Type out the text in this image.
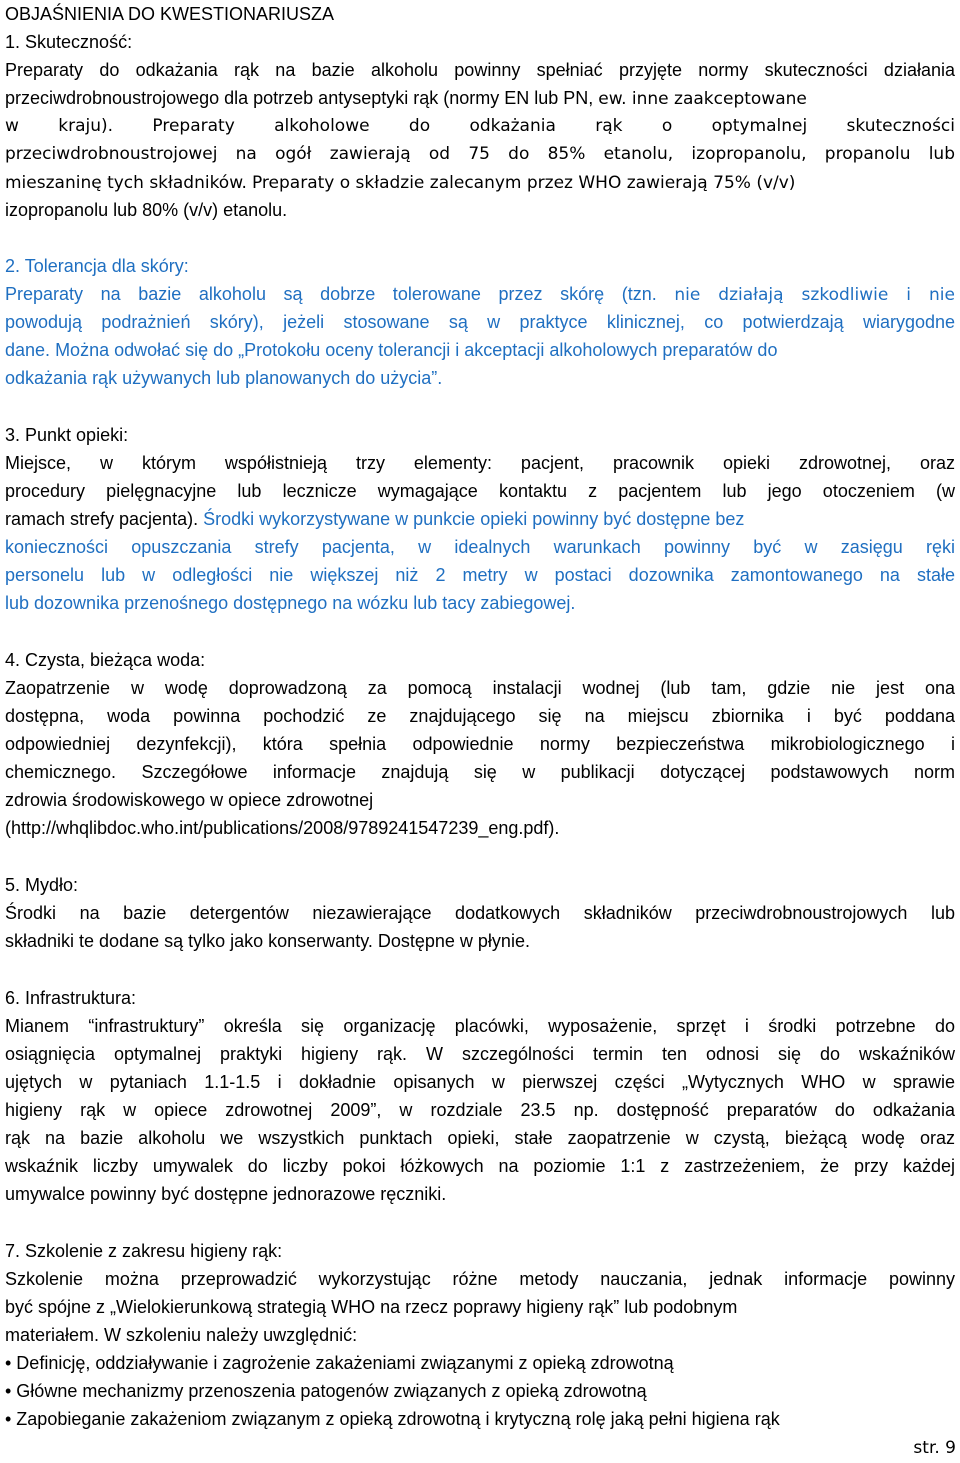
OBJAŚNIENIA DO KWESTIONARIUSZA
1. Skuteczność:
Preparaty do odkażania rąk na bazie alkoholu powinny spełniać przyjęte normy skuteczności działania
przeciwdrobnoustrojowego dla potrzeb antyseptyki rąk (normy EN lub PN, ew. inne zaakceptowane
w kraju). Preparaty alkoholowe do odkażania rąk o optymalnej skuteczności
przeciwdrobnoustrojowej na ogół zawierają od 75 do 85% etanolu, izopropanolu, propanolu lub
mieszaninę tych składników. Preparaty o składzie zalecanym przez WHO zawierają 75% (v/v)
izopropanolu lub 80% (v/v) etanolu.
2. Tolerancja dla skóry:
Preparaty na bazie alkoholu są dobrze tolerowane przez skórę (tzn. nie działają szkodliwie i nie
powodują podrażnień skóry), jeżeli stosowane są w praktyce klinicznej, co potwierdzają wiarygodne
dane. Można odwołać się do „Protokołu oceny tolerancji i akceptacji alkoholowych preparatów do
odkażania rąk używanych lub planowanych do użycia”.
3. Punkt opieki:
Miejsce, w którym współistnieją trzy elementy: pacjent, pracownik opieki zdrowotnej, oraz
procedury pielęgnacyjne lub lecznicze wymagające kontaktu z pacjentem lub jego otoczeniem (w
ramach strefy pacjenta). Środki wykorzystywane w punkcie opieki powinny być dostępne bez
konieczności opuszczania strefy pacjenta, w idealnych warunkach powinny być w zasięgu ręki
personelu lub w odległości nie większej niż 2 metry w postaci dozownika zamontowanego na stałe
lub dozownika przenośnego dostępnego na wózku lub tacy zabiegowej.
4. Czysta, bieżąca woda:
Zaopatrzenie w wodę doprowadzoną za pomocą instalacji wodnej (lub tam, gdzie nie jest ona
dostępna, woda powinna pochodzić ze znajdującego się na miejscu zbiornika i być poddana
odpowiedniej dezynfekcji), która spełnia odpowiednie normy bezpieczeństwa mikrobiologicznego i
chemicznego. Szczegółowe informacje znajdują się w publikacji dotyczącej podstawowych norm
zdrowia środowiskowego w opiece zdrowotnej
(http://whqlibdoc.who.int/publications/2008/9789241547239_eng.pdf).
5. Mydło:
Środki na bazie detergentów niezawierające dodatkowych składników przeciwdrobnoustrojowych lub
składniki te dodane są tylko jako konserwanty. Dostępne w płynie.
6. Infrastruktura:
Mianem “infrastruktury” określa się organizację placówki, wyposażenie, sprzęt i środki potrzebne do
osiągnięcia optymalnej praktyki higieny rąk. W szczególności termin ten odnosi się do wskaźników
ujętych w pytaniach 1.1-1.5 i dokładnie opisanych w pierwszej części „Wytycznych WHO w sprawie
higieny rąk w opiece zdrowotnej 2009”, w rozdziale 23.5 np. dostępność preparatów do odkażania
rąk na bazie alkoholu we wszystkich punktach opieki, stałe zaopatrzenie w czystą, bieżącą wodę oraz
wskaźnik liczby umywalek do liczby pokoi łóżkowych na poziomie 1:1 z zastrzeżeniem, że przy każdej
umywalce powinny być dostępne jednorazowe ręczniki.
7. Szkolenie z zakresu higieny rąk:
Szkolenie można przeprowadzić wykorzystując różne metody nauczania, jednak informacje powinny
być spójne z „Wielokierunkową strategią WHO na rzecz poprawy higieny rąk” lub podobnym
materiałem. W szkoleniu należy uwzględnić:
• Definicję, oddziaływanie i zagrożenie zakażeniami związanymi z opieką zdrowotną
• Główne mechanizmy przenoszenia patogenów związanych z opieką zdrowotną
• Zapobieganie zakażeniom związanym z opieką zdrowotną i krytyczną rolę jaką pełni higiena rąk
str. 9
